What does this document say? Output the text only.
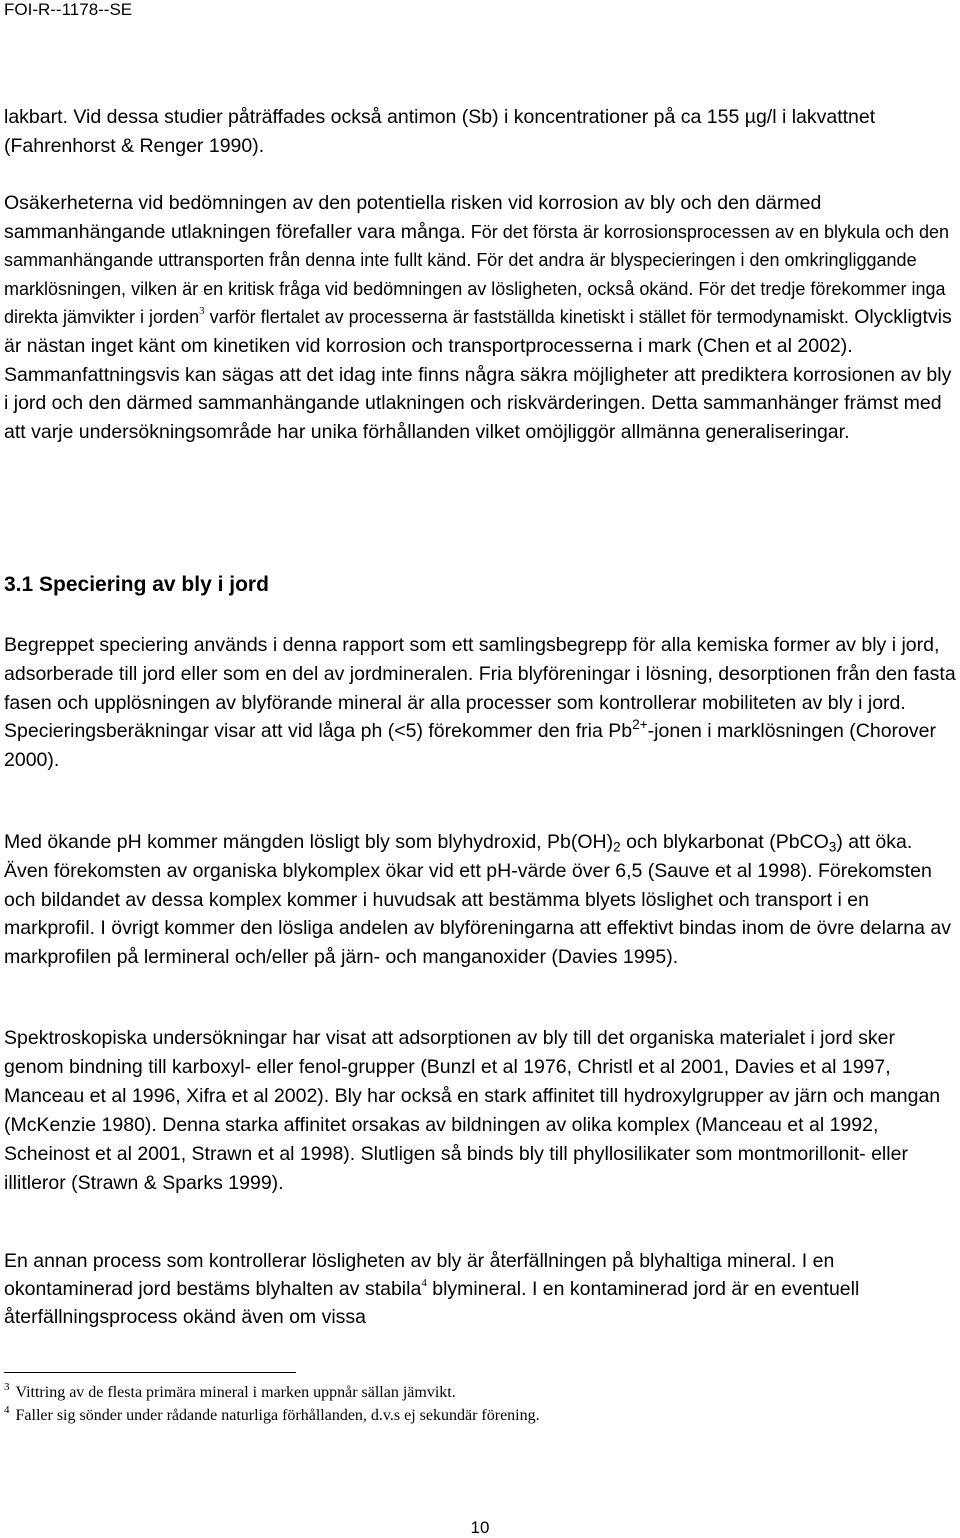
FOI-R--1178--SE

lakbart. Vid dessa studier påträffades också antimon (Sb) i koncentrationer på ca 155 µg/l i lakvattnet (Fahrenhorst & Renger 1990).

Osäkerheterna vid bedömningen av den potentiella risken vid korrosion av bly och den därmed sammanhängande utlakningen förefaller vara många. För det första är korrosionsprocessen av en blykula och den sammanhängande uttransporten från denna inte fullt känd. För det andra är blyspecieringen i den omkringliggande marklösningen, vilken är en kritisk fråga vid bedömningen av lösligheten, också okänd. För det tredje förekommer inga direkta jämvikter i jorden$^3$ varför flertalet av processerna är fastställda kinetiskt i stället för termodynamiskt. Olyckligtvis är nästan inget känt om kinetiken vid korrosion och transportprocesserna i mark (Chen et al 2002). Sammanfattningsvis kan sägas att det idag inte finns några säkra möjligheter att prediktera korrosionen av bly i jord och den därmed sammanhängande utlakningen och riskvärderingen. Detta sammanhänger främst med att varje undersökningsområde har unika förhållanden vilket omöjliggör allmänna generaliseringar.

3.1 Speciering av bly i jord

Begreppet speciering används i denna rapport som ett samlingsbegrepp för alla kemiska former av bly i jord, adsorberade till jord eller som en del av jordmineralen. Fria blyföreningar i lösning, desorptionen från den fasta fasen och upplösningen av blyförande mineral är alla processer som kontrollerar mobiliteten av bly i jord. Specieringsberäkningar visar att vid låga ph (<5) förekommer den fria $Pb^{2+}$-jonen i marklösningen (Chorover 2000).

Med ökande pH kommer mängden lösligt bly som blyhydroxid, $Pb(OH)_2$ och blykarbonat (PbCO$_3$) att öka. Även förekomsten av organiska blykomplex ökar vid ett pH-värde över 6,5 (Sauve et al 1998). Förekomsten och bildandet av dessa komplex kommer i huvudsak att bestämma blyets löslighet och transport i en markprofil. I övrigt kommer den lösliga andelen av blyföreningarna att effektivt bindas inom de övre delarna av markprofilen på lermineral och/eller på järn- och manganoxider (Davies 1995).

Spektroskopiska undersökningar har visat att adsorptionen av bly till det organiska materialet i jord sker genom bindning till karboxyl- eller fenol-grupper (Bunzl et al 1976, Christl et al 2001, Davies et al 1997, Manceau et al 1996, Xifra et al 2002). Bly har också en stark affinitet till hydroxylgrupper av järn och mangan (McKenzie 1980). Denna starka affinitet orsakas av bildningen av olika komplex (Manceau et al 1992, Scheinost et al 2001, Strawn et al 1998). Slutligen så binds bly till phyllosilikater som montmorillonit- eller illitleror (Strawn & Sparks 1999).

En annan process som kontrollerar lösligheten av bly är återfällningen på blyhaltiga mineral. I en okontaminerad jord bestäms blyhalten av stabila$^4$ blymineral. I en kontaminerad jord är en eventuell återfällningsprocess okänd även om vissa

$^3$ Vittring av de flesta primära mineral i marken uppnår sällan jämvikt.
$^4$ Faller sig sönder under rådande naturliga förhållanden, d.v.s ej sekundär förening.
10
